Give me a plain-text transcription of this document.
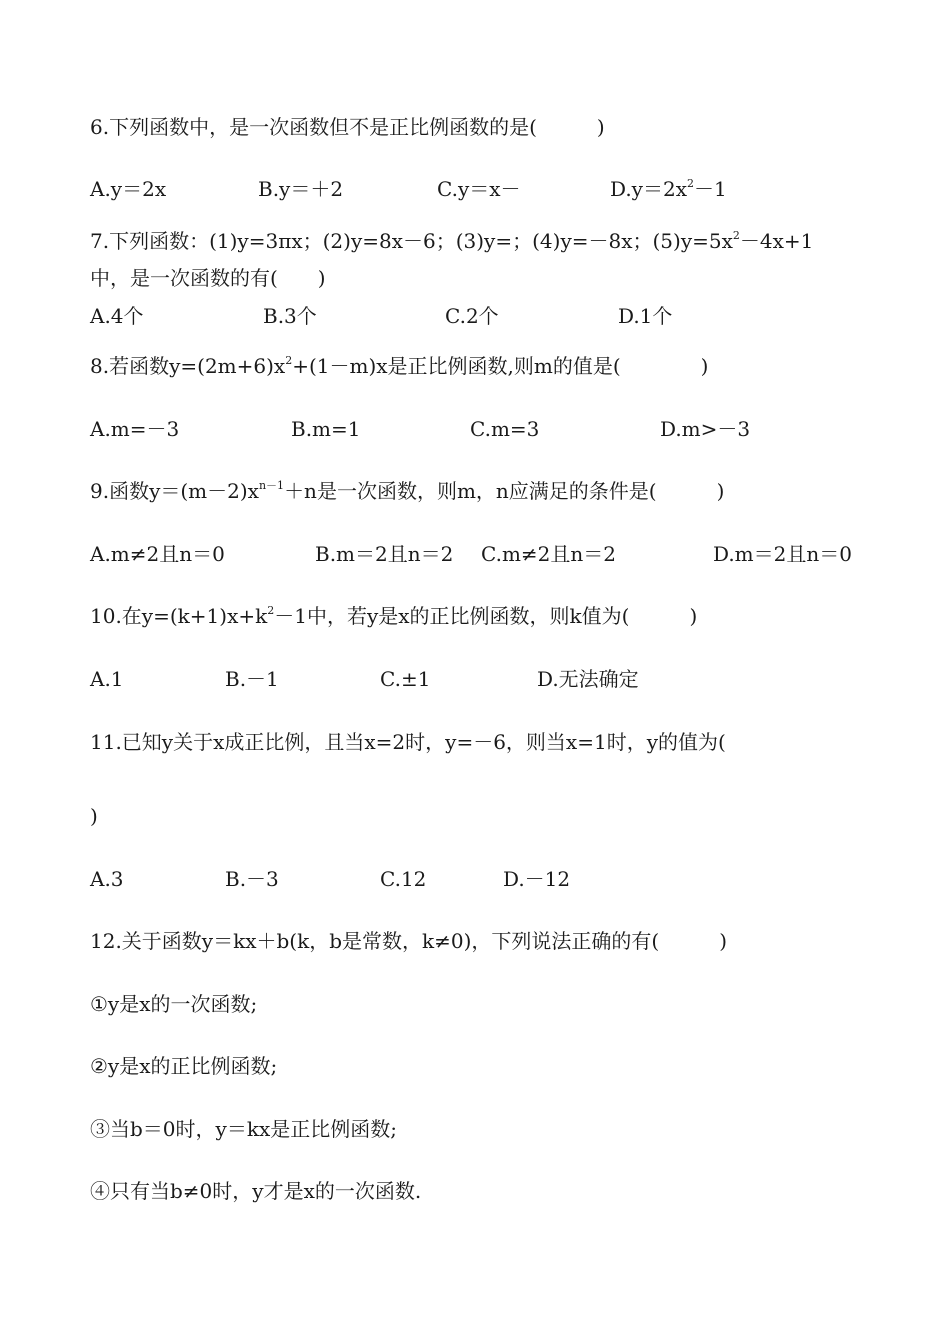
6.下列函数中，是一次函数但不是正比例函数的是(　　　)
A.y＝2x	B.y＝＋2	C.y＝x－	$D.y=2x^2-1$
7.下列函数：(1)y=3πx；(2)y=8x－6；(3)y=；(4)y=－8x；$(5)y=5x^2-4x+1$
中，是一次函数的有(　　)
A.4个	B.3个	C.2个	D.1个
8.若函数$y=(2m+6)x^2+(1-m)x$是正比例函数,则m的值是(　　　　)
A.m=－3	B.m=1	C.m=3	D.m>－3
9.函数$y=(m-2)x^{n-1}+n$是一次函数，则m，n应满足的条件是(　　　)
A.m≠2且n＝0	B.m＝2且n＝2 C.m≠2且n＝2	D.m＝2且n＝0
10.在$y=(k+1)x+k^2-1$中，若y是x的正比例函数，则k值为(　　　)
A.1	B.－1	C.±1	D.无法确定
11.已知y关于x成正比例，且当x=2时，y=－6，则当x=1时，y的值为(
)
A.3	B.－3	C.12	D.－12
12.关于函数y＝kx＋b(k，b是常数，k≠0)，下列说法正确的有(　　　)
①y是x的一次函数;
②y是x的正比例函数;
③当b＝0时，y＝kx是正比例函数;
④只有当b≠0时，y才是x的一次函数.
